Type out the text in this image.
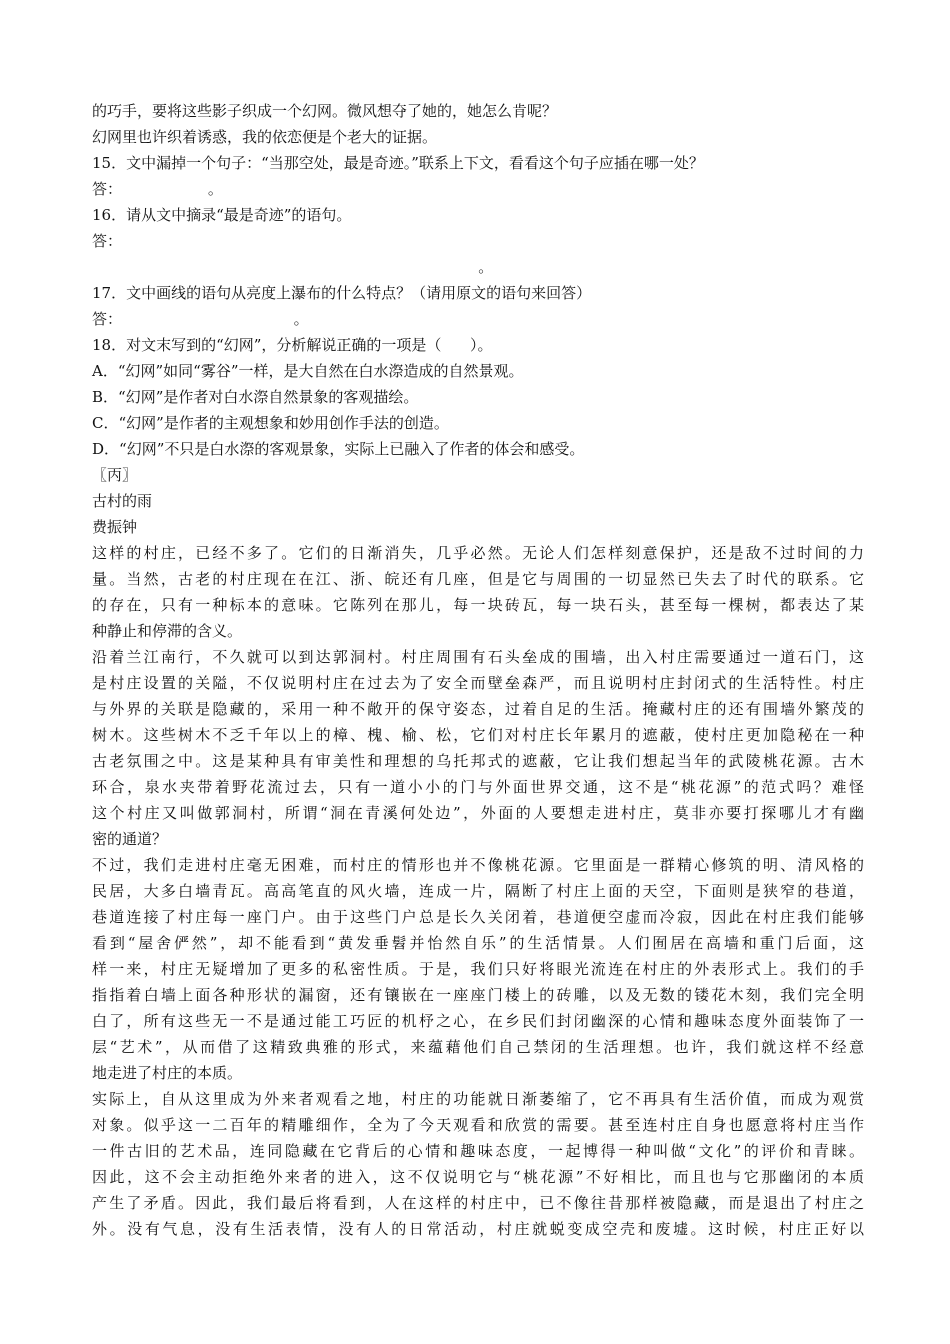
的巧手，要将这些影子织成一个幻网。微风想夺了她的，她怎么肯呢？
幻网里也许织着诱惑，我的依恋便是个老大的证据。
15．文中漏掉一个句子：“当那空处，最是奇迹。”联系上下文，看看这个句子应插在哪一处？
答：                  。
16．请从文中摘录“最是奇迹”的语句。
答：
。
17．文中画线的语句从亮度上瀑布的什么特点？（请用原文的语句来回答）
答：                                    。
18．对文末写到的“幻网”，分析解说正确的一项是（      ）。
A．“幻网”如同“雾谷”一样，是大自然在白水漈造成的自然景观。
B．“幻网”是作者对白水漈自然景象的客观描绘。
C．“幻网”是作者的主观想象和妙用创作手法的创造。
D．“幻网”不只是白水漈的客观景象，实际上已融入了作者的体会和感受。
〖丙〗
古村的雨
费振钟
这样的村庄，已经不多了。它们的日渐消失，几乎必然。无论人们怎样刻意保护，还是敌不过时间的力
量。当然，古老的村庄现在在江、浙、皖还有几座，但是它与周围的一切显然已失去了时代的联系。它
的存在，只有一种标本的意味。它陈列在那儿，每一块砖瓦，每一块石头，甚至每一棵树，都表达了某
种静止和停滞的含义。
沿着兰江南行，不久就可以到达郭洞村。村庄周围有石头垒成的围墙，出入村庄需要通过一道石门，这
是村庄设置的关隘，不仅说明村庄在过去为了安全而壁垒森严，而且说明村庄封闭式的生活特性。村庄
与外界的关联是隐藏的，采用一种不敞开的保守姿态，过着自足的生活。掩藏村庄的还有围墙外繁茂的
树木。这些树木不乏千年以上的樟、槐、榆、松，它们对村庄长年累月的遮蔽，使村庄更加隐秘在一种
古老氛围之中。这是某种具有审美性和理想的乌托邦式的遮蔽，它让我们想起当年的武陵桃花源。古木
环合，泉水夹带着野花流过去，只有一道小小的门与外面世界交通，这不是“桃花源”的范式吗？难怪
这个村庄又叫做郭洞村，所谓“洞在青溪何处边”，外面的人要想走进村庄，莫非亦要打探哪儿才有幽
密的通道？
不过，我们走进村庄毫无困难，而村庄的情形也并不像桃花源。它里面是一群精心修筑的明、清风格的
民居，大多白墙青瓦。高高笔直的风火墙，连成一片，隔断了村庄上面的天空，下面则是狭窄的巷道，
巷道连接了村庄每一座门户。由于这些门户总是长久关闭着，巷道便空虚而冷寂，因此在村庄我们能够
看到“屋舍俨然”，却不能看到“黄发垂髫并怡然自乐”的生活情景。人们囿居在高墙和重门后面，这
样一来，村庄无疑增加了更多的私密性质。于是，我们只好将眼光流连在村庄的外表形式上。我们的手
指指着白墙上面各种形状的漏窗，还有镶嵌在一座座门楼上的砖雕，以及无数的镂花木刻，我们完全明
白了，所有这些无一不是通过能工巧匠的机杼之心，在乡民们封闭幽深的心情和趣味态度外面装饰了一
层“艺术”，从而借了这精致典雅的形式，来蕴藉他们自己禁闭的生活理想。也许，我们就这样不经意
地走进了村庄的本质。
实际上，自从这里成为外来者观看之地，村庄的功能就日渐萎缩了，它不再具有生活价值，而成为观赏
对象。似乎这一二百年的精雕细作，全为了今天观看和欣赏的需要。甚至连村庄自身也愿意将村庄当作
一件古旧的艺术品，连同隐藏在它背后的心情和趣味态度，一起博得一种叫做“文化”的评价和青睐。
因此，这不会主动拒绝外来者的进入，这不仅说明它与“桃花源”不好相比，而且也与它那幽闭的本质
产生了矛盾。因此，我们最后将看到，人在这样的村庄中，已不像往昔那样被隐藏，而是退出了村庄之
外。没有气息，没有生活表情，没有人的日常活动，村庄就蜕变成空壳和废墟。这时候，村庄正好以
